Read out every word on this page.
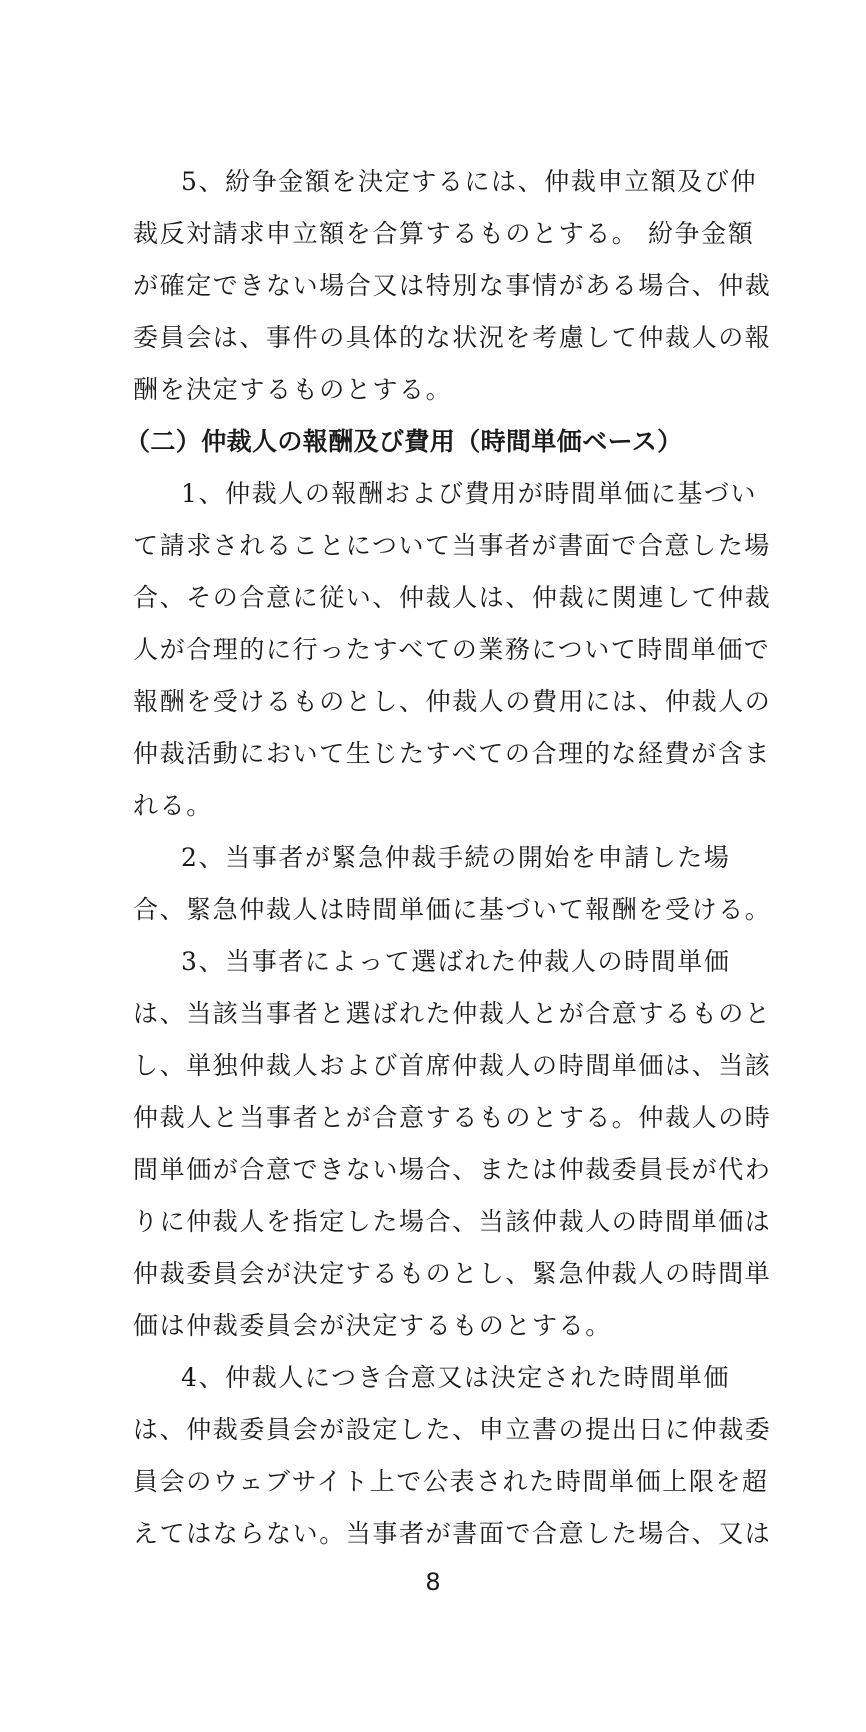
5、紛争金額を決定するには、仲裁申立額及び仲
裁反対請求申立額を合算するものとする。 紛争金額
が確定できない場合又は特別な事情がある場合、仲裁
委員会は、事件の具体的な状況を考慮して仲裁人の報
酬を決定するものとする。
（二）仲裁人の報酬及び費用（時間単価ベース）
1、仲裁人の報酬および費用が時間単価に基づい
て請求されることについて当事者が書面で合意した場
合、その合意に従い、仲裁人は、仲裁に関連して仲裁
人が合理的に行ったすべての業務について時間単価で
報酬を受けるものとし、仲裁人の費用には、仲裁人の
仲裁活動において生じたすべての合理的な経費が含ま
れる。
2、当事者が緊急仲裁手続の開始を申請した場
合、緊急仲裁人は時間単価に基づいて報酬を受ける。
3、当事者によって選ばれた仲裁人の時間単価
は、当該当事者と選ばれた仲裁人とが合意するものと
し、単独仲裁人および首席仲裁人の時間単価は、当該
仲裁人と当事者とが合意するものとする。仲裁人の時
間単価が合意できない場合、または仲裁委員長が代わ
りに仲裁人を指定した場合、当該仲裁人の時間単価は
仲裁委員会が決定するものとし、緊急仲裁人の時間単
価は仲裁委員会が決定するものとする。
4、仲裁人につき合意又は決定された時間単価
は、仲裁委員会が設定した、申立書の提出日に仲裁委
員会のウェブサイト上で公表された時間単価上限を超
えてはならない。当事者が書面で合意した場合、又は
8
